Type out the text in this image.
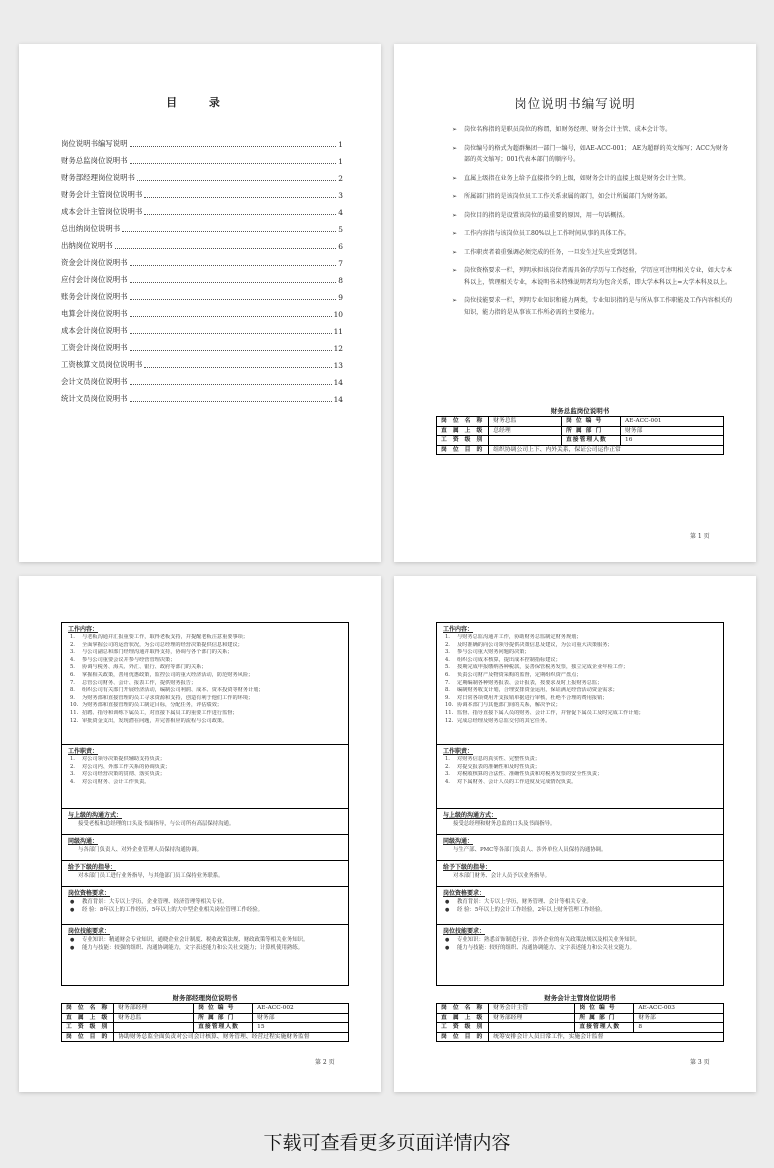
目 录
岗位说明书编写说明	1
财务总监岗位说明书	1
财务部经理岗位说明书	2
财务会计主管岗位说明书	3
成本会计主管岗位说明书	4
总出纳岗位说明书	5
出纳岗位说明书	6
资金会计岗位说明书	7
应付会计岗位说明书	8
账务会计岗位说明书	9
电算会计岗位说明书	10
成本会计岗位说明书	11
工资会计岗位说明书	12
工资核算文员岗位说明书	13
会计文员岗位说明书	14
统计文员岗位说明书	14
岗位说明书编写说明
➢ 岗位名称指的是职员岗位的称谓，如财务经理、财务会计主管、成本会计等。
➢ 岗位编号的格式为超群集团一部门一编号，如AE-ACC-001； AE为超群的英文缩写；ACC为财务部的英文缩写；001代表本部门的顺序号。
➢ 直属上级指在业务上给予直接指令的上级，如财务会计的直接上级是财务会计主管。
➢ 所属部门指的是该岗位员工工作关系隶属的部门，如会计所属部门为财务部。
➢ 岗位目的指的是设置该岗位的最重要的原因，用一句话概括。
➢ 工作内容指与该岗位员工80%以上工作时间从事的具体工作。
➢ 工作职责者着重强调必须完成的任务，一旦发生过失应受到惩罚。
➢ 岗位资格要求一栏，列明承担该岗位者需具备的学历与工作经验，学历应可注明相关专业，如大专本科以上，管理相关专业，本说明书未特殊说明者均为包含关系，即大学本科以上=大学本科及以上。
➢ 岗位技能要求一栏，列明专业知识和能力两类，专业知识指的是与所从事工作职能及工作内容相关的知识，能力指的是从事该工作所必需的主要能力。
财务总监岗位说明书
岗 位 名 称	财务总监	岗 位 编 号	AE-ACC-001
直 属 上 级	总经理	所 属 部 门	财务部
工 资 级 别		直接管理人数	16
岗 位 目 的	组织协调公司上下、内外关系，保证公司运作正常		
第 1 页
工作内容：
1. 与老板沟通并汇报重要工作，取得老板支持，并提醒老板注意重要事项；
2. 全面掌握公司的运营状况，为公司总经理的经营决策提供信息和建议；
3. 与公司副总和部门经理沟通并取得支持，协调与各个部门的关系；
4. 参与公司重要会议并参与经营管理决策；
5. 协调与税务、海关、外汇、银行、政府等部门的关系；
6. 掌握相关政策，善用优惠政策，监控公司的重大经济活动，防范财务风险；
7. 总管公司财务、会计、报表工作，提供财务报告；
8. 组织公司有关部门开展经济活动，编制公司利润、成本、资本投资等财务计划；
9. 为财务部和直接管理的员工寻求资源和支持，创造有利于他们工作的环境；
10. 为财务部和直接管理的员工制定目标，分配任务，评估绩效；
11. 招聘、指导和训练下属员工，对直接下属员工的重要工作进行监督；
12. 审批资金支出，发现潜在问题，并完善相应的流程与公司政策。
工作职责：
1. 对公司领导决策提供辅助支持负责；
2. 对公司内、外部工作关系的协调负责；
3. 对公司经营决策的贯彻、落实负责；
4. 对公司财务、会计工作负责。
与上级的沟通方式：
接受老板和总经理的口头及书面指导，与公司所有高层保持沟通。
同级沟通：
与各部门负责人、对外企业管理人员保持沟通协调。
给予下级的指导：
对本部门员工进行业务指导，与其他部门员工保持业务联系。
岗位资格要求：
● 教育背景：大专以上学历，企业管理、经济管理等相关专业。
● 经 验：8年以上的工作经历，5年以上的大中型企业相关岗位管理工作经验。
岗位技能要求：
● 专业知识：精通财会专业知识，通晓企业会计制度、税收政策法规、财政政策等相关业务知识。
● 能力与技能：较强的组织、沟通协调能力，文字表述能力和公关社交能力；计算机使用熟练。
财务部经理岗位说明书
岗 位 名 称	财务部经理	岗 位 编 号	AE-ACC-002
直 属 上 级	财务总监	所 属 部 门	财务部
工 资 级 别		直接管理人数	15
岗 位 目 的	协助财务总监全面负责对公司会计核算、财务管理、经营过程实施财务监督		
第 2 页
工作内容：
1. 与财务总监沟通并工作，协助财务总监制定财务规划；
2. 及时准确的向公司领导提供决策信息及建议，为公司重大决策服务；
3. 参与公司重大财务问题的决策；
4. 组织公司成本核算，提出成本控制指标建议；
5. 按期完成申报缴纳各种税款，妥善保管税务发票，独立完成企业年检工作；
6. 负责公司财产及物资采购的监督，定期组织资产盘点；
7. 定期编制各种财务报表、会计报表，按要求及时上报财务总监；
8. 编制财务收支计划，合理安排资金运用，保证满足经营活动资金需求；
9. 对日常各项费用开支报销单据进行审核，杜绝不合理的费用报销；
10. 协调本部门与其他部门间的关系，解决争议；
11. 监督、指导直接下属人员的财务、会计工作，并督促下属员工及时完成工作计划；
12. 完成总经理及财务总监交付的其它任务。
工作职责：
1. 对财务信息的真实性、完整性负责；
2. 对提交报表的准确性和及时性负责；
3. 对税收核算的合法性、准确性负责和对税务发票的安全性负责；
4. 对下属财务、会计人员的工作进度及完成情况负责。
与上级的沟通方式：
接受总经理和财务总监的口头及书面指导。
同级沟通：
与生产部、PMC等各部门负责人、涉外单位人员保持沟通协调。
给予下级的指导：
对本部门财务、会计人员予以业务指导。
岗位资格要求：
● 教育背景：大专以上学历，财务管理、会计等相关专业。
● 经 验：5年以上的会计工作经验，2年以上财务管理工作经验。
岗位技能要求：
● 专业知识：熟悉首饰制造行业、涉外企业的有关政策法规以及相关业务知识。
● 能力与技能：较好的组织、沟通协调能力、文字表述能力和公关社交能力。
财务会计主管岗位说明书
岗 位 名 称	财务会计主管	岗 位 编 号	AE-ACC-003
直 属 上 级	财务部经理	所 属 部 门	财务部
工 资 级 别		直接管理人数	8
岗 位 目 的	统筹安排会计人员日常工作，实施会计监督		
第 3 页
下载可查看更多页面详情内容
